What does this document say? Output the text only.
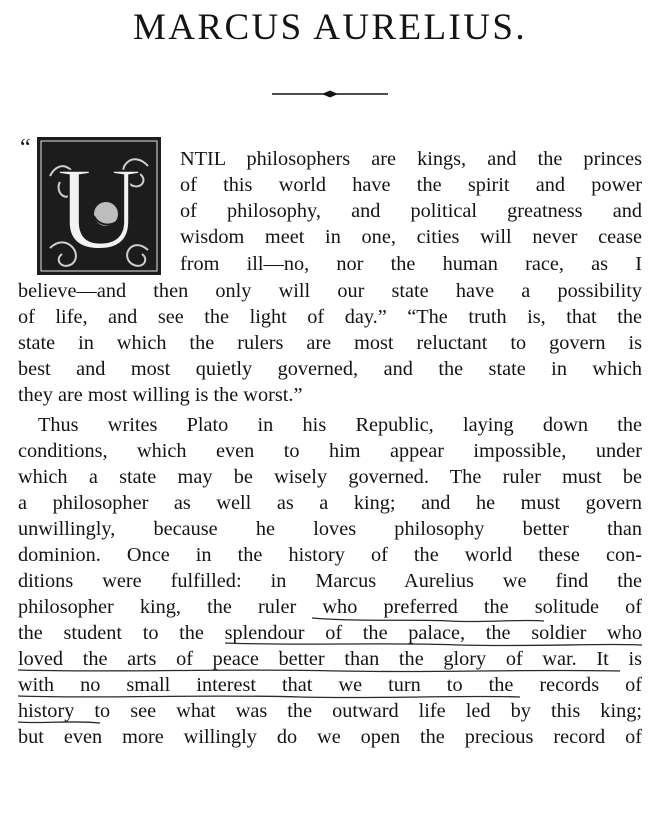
MARCUS AURELIUS.
“ U NTIL philosophers are kings, and the princes
of this world have the spirit and power
of philosophy, and political greatness and
wisdom meet in one, cities will never cease
from ill—no, nor the human race, as I
believe—and then only will our state have a possibility
of life, and see the light of day.” “The truth is, that the
state in which the rulers are most reluctant to govern is
best and most quietly governed, and the state in which
they are most willing is the worst.”
Thus writes Plato in his Republic, laying down the
conditions, which even to him appear impossible, under
which a state may be wisely governed. The ruler must be
a philosopher as well as a king; and he must govern
unwillingly, because he loves philosophy better than
dominion. Once in the history of the world these con-
ditions were fulfilled: in Marcus Aurelius we find the
philosopher king, the ruler who preferred the solitude of
the student to the splendour of the palace, the soldier who
loved the arts of peace better than the glory of war. It is
with no small interest that we turn to the records of
history to see what was the outward life led by this king;
but even more willingly do we open the precious record of
